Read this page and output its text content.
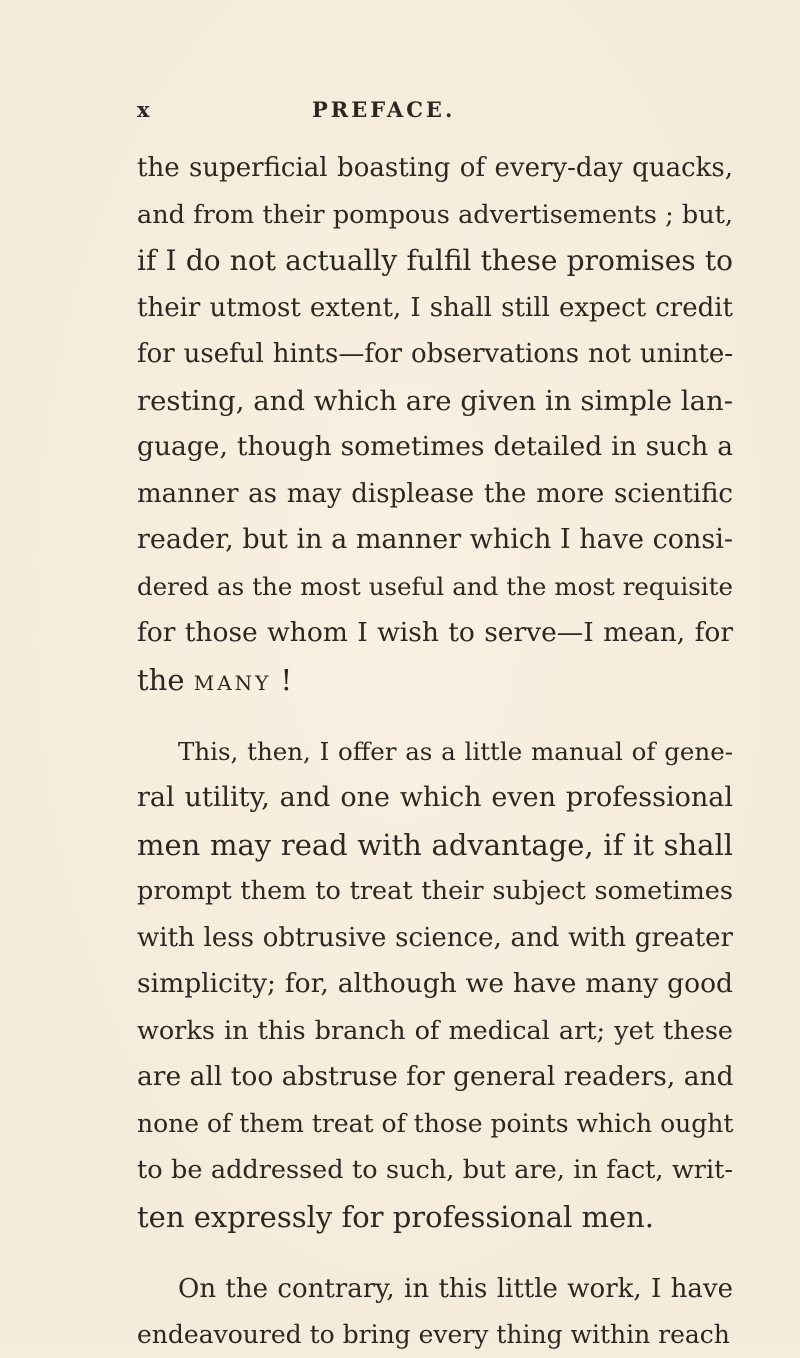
x	PREFACE.
the superficial boasting of every-day quacks,
and from their pompous advertisements ; but,
if I do not actually fulfil these promises to
their utmost extent, I shall still expect credit
for useful hints—for observations not uninte-
resting, and which are given in simple lan-
guage, though sometimes detailed in such a
manner as may displease the more scientific
reader, but in a manner which I have consi-
dered as the most useful and the most requisite
for those whom I wish to serve—I mean, for
the MANY !
This, then, I offer as a little manual of gene-
ral utility, and one which even professional
men may read with advantage, if it shall
prompt them to treat their subject sometimes
with less obtrusive science, and with greater
simplicity; for, although we have many good
works in this branch of medical art; yet these
are all too abstruse for general readers, and
none of them treat of those points which ought
to be addressed to such, but are, in fact, writ-
ten expressly for professional men.
On the contrary, in this little work, I have
endeavoured to bring every thing within reach
